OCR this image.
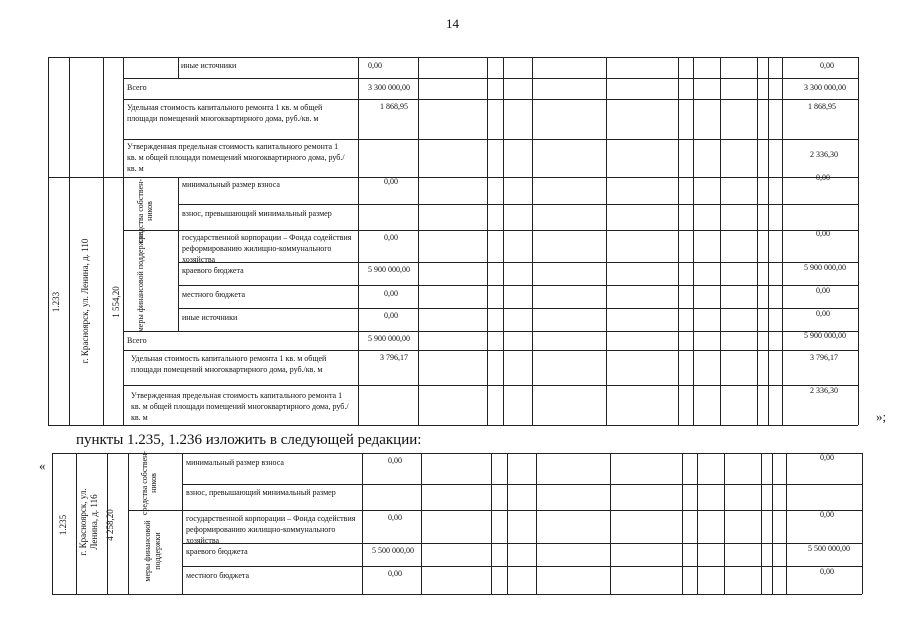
14
иные источники	0,00	0,00
Всего	3 300 000,00	3 300 000,00
Удельная стоимость капитального ремонта 1 кв. м общей площади помещений многоквартирного дома, руб./кв. м
1 868,95	1 868,95
Утвержденная предельная стоимость капитального ремонта 1 кв. м общей площади помещений многоквартирного дома, руб./кв. м
2 336,30
1.233	г. Красноярск, ул. Ленина, д. 110	1 554,20
средства собствен-ников
меры финансовой поддержки
минимальный размер взноса	0,00	0,00
взнос, превышающий минимальный размер
государственной корпорации – Фонда содействия реформированию жилищно-коммунального хозяйства
0,00	0,00
краевого бюджета	5 900 000,00	5 900 000,00
местного бюджета	0,00	0,00
иные источники	0,00	0,00
Всего	5 900 000,00	5 900 000,00
Удельная стоимость капитального ремонта 1 кв. м общей площади помещений многоквартирного дома, руб./кв. м
3 796,17	3 796,17
Утвержденная предельная стоимость капитального ремонта 1 кв. м общей площади помещений многоквартирного дома, руб./кв. м
2 336,30
»;
пункты 1.235, 1.236 изложить в следующей редакции:
«
1.235	г. Красноярск, ул. Ленина, д. 116 4 258,20
средства собствен-ников
меры финансовой поддержки
минимальный размер взноса	0,00	0,00
взнос, превышающий минимальный размер
государственной корпорации – Фонда содействия реформированию жилищно-коммунального хозяйства
0,00	0,00
краевого бюджета	5 500 000,00	5 500 000,00
местного бюджета	0,00	0,00
